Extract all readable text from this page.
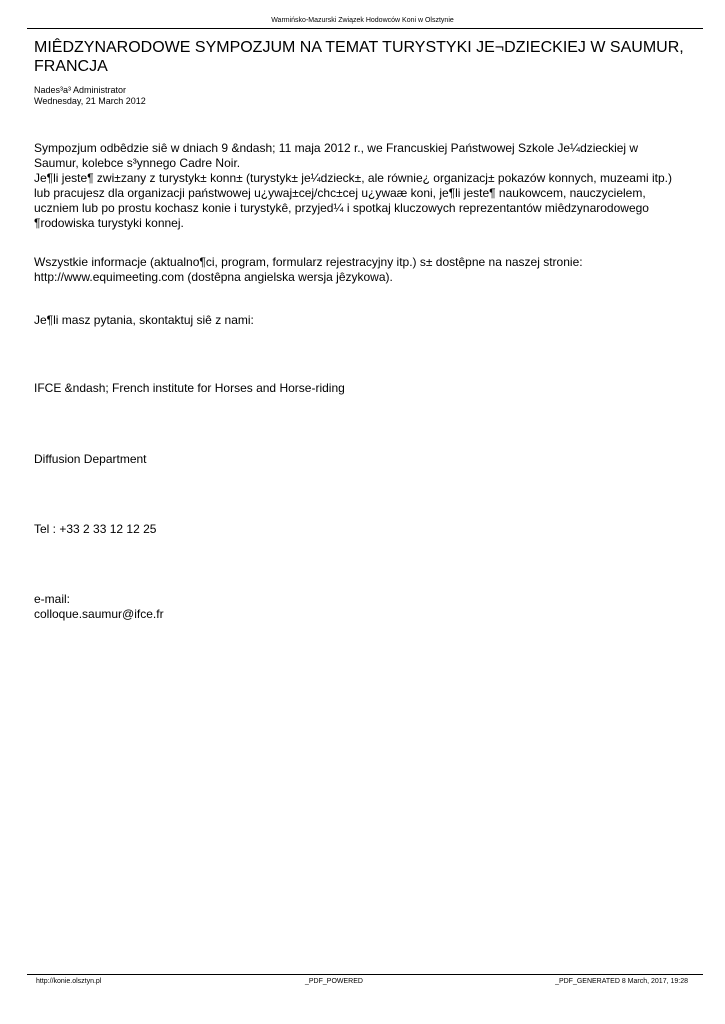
Warmińsko-Mazurski Związek Hodowców Koni w Olsztynie
MIÊDZYNARODOWE SYMPOZJUM NA TEMAT TURYSTYKI JE¬DZIECKIEJ W SAUMUR, FRANCJA
Nades³a³ Administrator
Wednesday, 21 March 2012

Sympozjum odbêdzie siê w dniach 9 &ndash; 11 maja 2012 r., we Francuskiej Państwowej Szkole Je¼dzieckiej w
Saumur, kolebce s³ynnego Cadre Noir.
Je¶li jeste¶ zwi±zany z turystyk± konn± (turystyk± je¼dzieck±, ale równie¿ organizacj± pokazów konnych, muzeami itp.)
lub pracujesz dla organizacji państwowej u¿ywaj±cej/chc±cej u¿ywaæ koni, je¶li jeste¶ naukowcem, nauczycielem,
uczniem lub po prostu kochasz konie i turystykê, przyjed¼ i spotkaj kluczowych reprezentantów miêdzynarodowego
¶rodowiska turystyki konnej.

Wszystkie informacje (aktualno¶ci, program, formularz rejestracyjny itp.) s± dostêpne na naszej stronie:
http://www.equimeeting.com (dostêpna angielska wersja jêzykowa).

Je¶li masz pytania, skontaktuj siê z nami:

IFCE &ndash; French institute for Horses and Horse-riding

Diffusion Department

Tel : +33 2 33 12 12 25

e-mail:
colloque.saumur@ifce.fr

http://konie.olsztyn.pl	_PDF_POWERED	_PDF_GENERATED 8 March, 2017, 19:28
